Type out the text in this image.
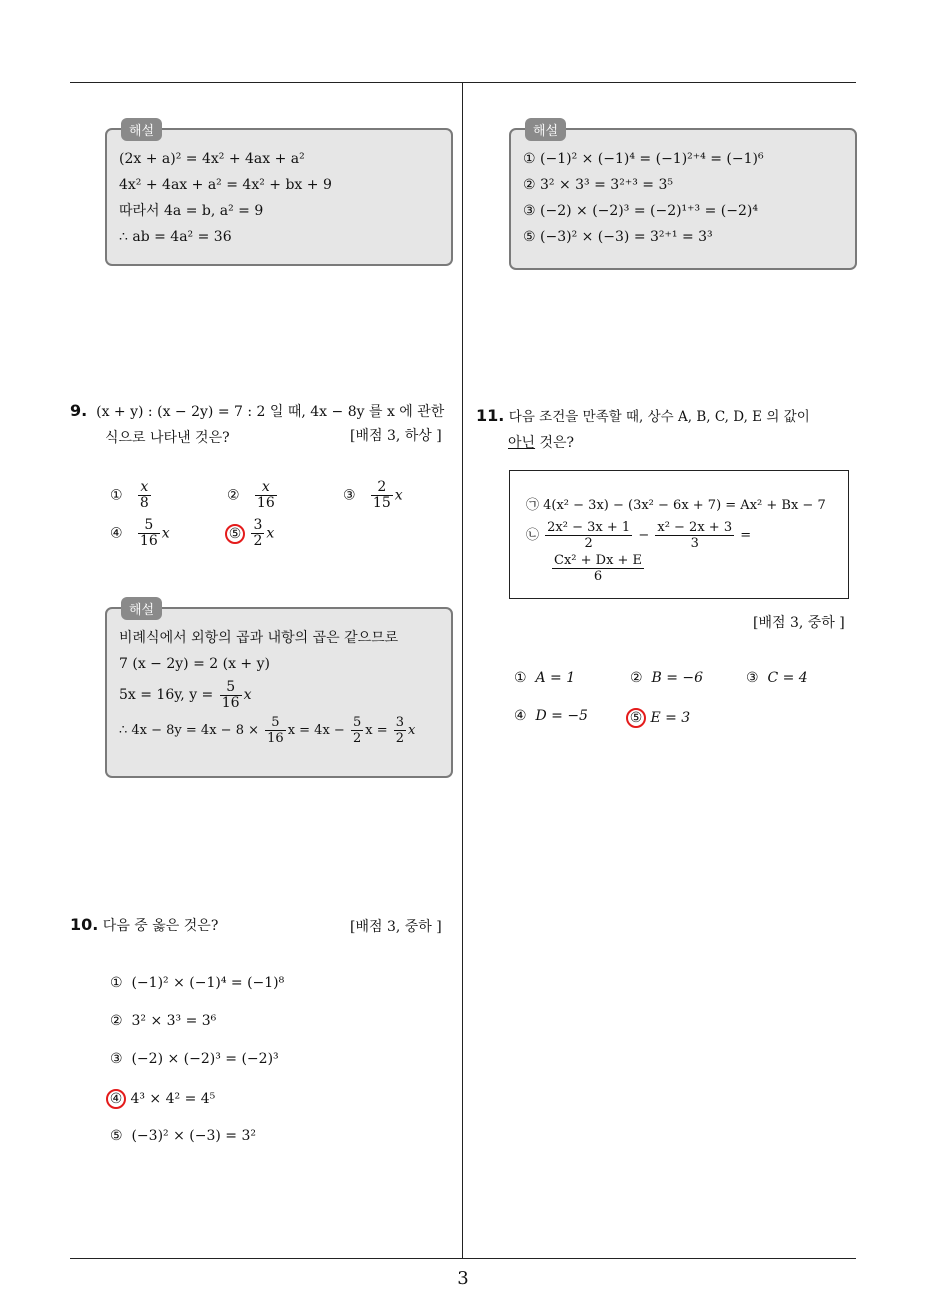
3
해설
(2x + a)² = 4x² + 4ax + a²
4x² + 4ax + a² = 4x² + bx + 9
따라서 4a = b, a² = 9
∴ ab = 4a² = 36
9. (x + y) : (x − 2y) = 7 : 2 일 때, 4x − 8y 를 x 에 관한
식으로 나타낸 것은?	[배점 3, 하상 ]
① $\frac{x}{8}$	② $\frac{x}{16}$	③ $\frac{2}{15}$ x
④ $\frac{5}{16}$ x	⑤ $\frac{3}{2}$ x
해설
비례식에서 외항의 곱과 내항의 곱은 같으므로
7 (x − 2y) = 2 (x + y)
5x = 16y, $y = \frac{5}{16}$ x
∴ $4x - 8y = 4x - 8 \times \frac{5}{16}$ $x = 4x - \frac{5}{2}$ $x = \frac{3}{2}$ x
10. 다음 중 옳은 것은?	[배점 3, 중하 ]
① (−1)² × (−1)⁴ = (−1)⁸
② 3² × 3³ = 3⁶
③ (−2) × (−2)³ = (−2)³
④ 4³ × 4² = 4⁵
⑤ (−3)² × (−3) = 3²
해설
① (−1)² × (−1)⁴ = (−1)²⁺⁴ = (−1)⁶
② 3² × 3³ = 3²⁺³ = 3⁵
③ (−2) × (−2)³ = (−2)¹⁺³ = (−2)⁴
⑤ (−3)² × (−3) = 3²⁺¹ = 3³
11. 다음 조건을 만족할 때, 상수 A, B, C, D, E 의 값이
아닌 것은?
㉠ 4(x² − 3x) − (3x² − 6x + 7) = Ax² + Bx − 7
㉡ $\frac{\text{2x² − 3x + 1}}{2} - \frac{\text{x² − 2x + 3}}{3}$ =
$\frac{\text{Cx² + Dx + E}}{6}$
[배점 3, 중하 ]
① A = 1	② B = −6	③ C = 4
④ D = −5	⑤ E = 3
